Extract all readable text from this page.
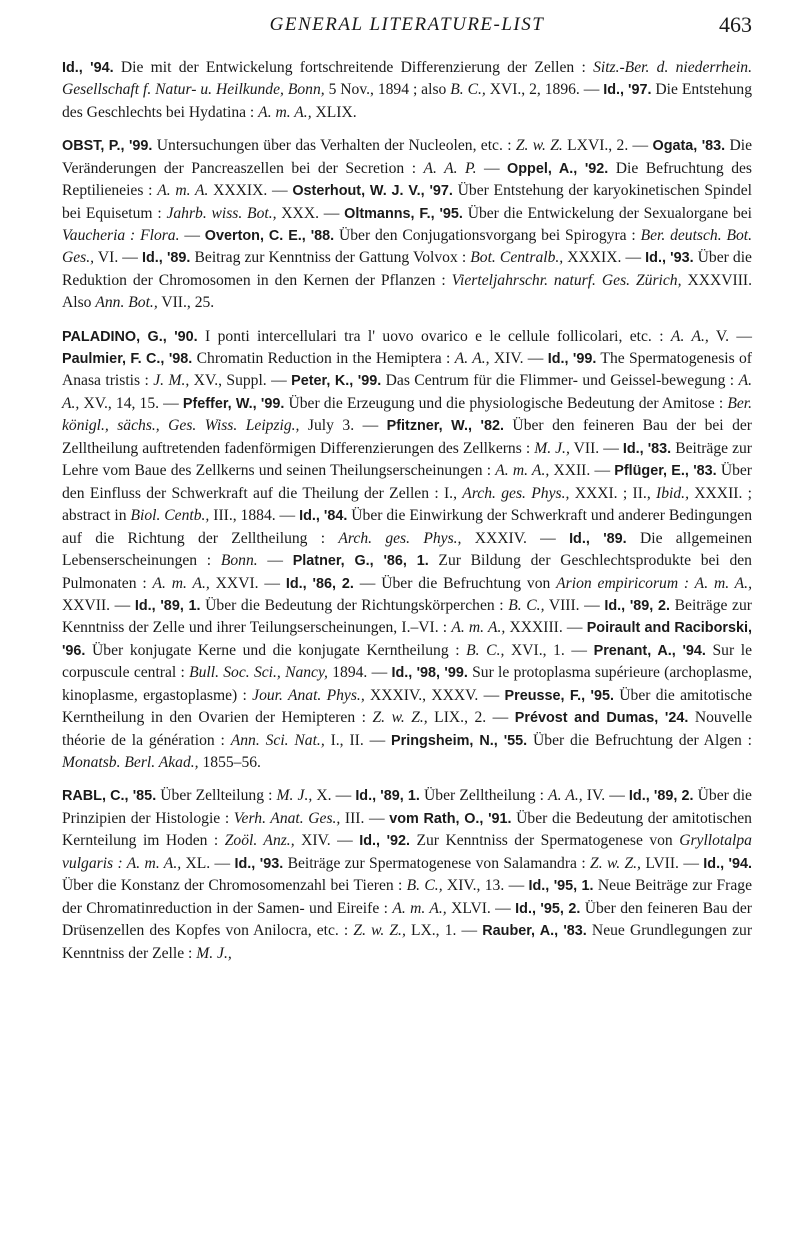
GENERAL LITERATURE-LIST	463

Id., '94. Die mit der Entwickelung fortschreitende Differenzierung der Zellen : Sitz.-Ber. d. niederrhein. Gesellschaft f. Natur- u. Heilkunde, Bonn, 5 Nov., 1894 ; also B. C., XVI., 2, 1896. — Id., '97. Die Entstehung des Geschlechts bei Hydatina : A. m. A., XLIX.

OBST, P., '99. Untersuchungen über das Verhalten der Nucleolen, etc. : Z. w. Z. LXVI., 2. — Ogata, '83. Die Veränderungen der Pancreaszellen bei der Secretion : A. A. P. — Oppel, A., '92. Die Befruchtung des Reptilieneies : A. m. A. XXXIX. — Osterhout, W. J. V., '97. Über Entstehung der karyokinetischen Spindel bei Equisetum : Jahrb. wiss. Bot., XXX. — Oltmanns, F., '95. Über die Entwickelung der Sexualorgane bei Vaucheria : Flora. — Overton, C. E., '88. Über den Conjugationsvorgang bei Spirogyra : Ber. deutsch. Bot. Ges., VI. — Id., '89. Beitrag zur Kenntniss der Gattung Volvox : Bot. Centralb., XXXIX. — Id., '93. Über die Reduktion der Chromosomen in den Kernen der Pflanzen : Vierteljahrschr. naturf. Ges. Zürich, XXXVIII. Also Ann. Bot., VII., 25.

PALADINO, G., '90. I ponti intercellulari tra l' uovo ovarico e le cellule follicolari, etc. : A. A., V. — Paulmier, F. C., '98. Chromatin Reduction in the Hemiptera : A. A., XIV. — Id., '99. The Spermatogenesis of Anasa tristis : J. M., XV., Suppl. — Peter, K., '99. Das Centrum für die Flimmer- und Geissel-bewegung : A. A., XV., 14, 15. — Pfeffer, W., '99. Über die Erzeugung und die physiologische Bedeutung der Amitose : Ber. königl., sächs., Ges. Wiss. Leipzig., July 3. — Pfitzner, W., '82. Über den feineren Bau der bei der Zelltheilung auftretenden fadenförmigen Differenzierungen des Zellkerns : M. J., VII. — Id., '83. Beiträge zur Lehre vom Baue des Zellkerns und seinen Theilungserscheinungen : A. m. A., XXII. — Pflüger, E., '83. Über den Einfluss der Schwerkraft auf die Theilung der Zellen : I., Arch. ges. Phys., XXXI. ; II., Ibid., XXXII. ; abstract in Biol. Centb., III., 1884. — Id., '84. Über die Einwirkung der Schwerkraft und anderer Bedingungen auf die Richtung der Zelltheilung : Arch. ges. Phys., XXXIV. — Id., '89. Die allgemeinen Lebenserscheinungen : Bonn. — Platner, G., '86, 1. Zur Bildung der Geschlechtsprodukte bei den Pulmonaten : A. m. A., XXVI. — Id., '86, 2. — Über die Befruchtung von Arion empiricorum : A. m. A., XXVII. — Id., '89, 1. Über die Bedeutung der Richtungskörperchen : B. C., VIII. — Id., '89, 2. Beiträge zur Kenntniss der Zelle und ihrer Teilungserscheinungen, I.–VI. : A. m. A., XXXIII. — Poirault and Raciborski, '96. Über konjugate Kerne und die konjugate Kerntheilung : B. C., XVI., 1. — Prenant, A., '94. Sur le corpuscule central : Bull. Soc. Sci., Nancy, 1894. — Id., '98, '99. Sur le protoplasma supérieure (archoplasme, kinoplasme, ergastoplasme) : Jour. Anat. Phys., XXXIV., XXXV. — Preusse, F., '95. Über die amitotische Kerntheilung in den Ovarien der Hemipteren : Z. w. Z., LIX., 2. — Prévost and Dumas, '24. Nouvelle théorie de la génération : Ann. Sci. Nat., I., II. — Pringsheim, N., '55. Über die Befruchtung der Algen : Monatsb. Berl. Akad., 1855–56.

RABL, C., '85. Über Zellteilung : M. J., X. — Id., '89, 1. Über Zelltheilung : A. A., IV. — Id., '89, 2. Über die Prinzipien der Histologie : Verh. Anat. Ges., III. — vom Rath, O., '91. Über die Bedeutung der amitotischen Kernteilung im Hoden : Zoöl. Anz., XIV. — Id., '92. Zur Kenntniss der Spermatogenese von Gryllotalpa vulgaris : A. m. A., XL. — Id., '93. Beiträge zur Spermatogenese von Salamandra : Z. w. Z., LVII. — Id., '94. Über die Konstanz der Chromosomenzahl bei Tieren : B. C., XIV., 13. — Id., '95, 1. Neue Beiträge zur Frage der Chromatinreduction in der Samen- und Eireife : A. m. A., XLVI. — Id., '95, 2. Über den feineren Bau der Drüsenzellen des Kopfes von Anilocra, etc. : Z. w. Z., LX., 1. — Rauber, A., '83. Neue Grundlegungen zur Kenntniss der Zelle : M. J.,
